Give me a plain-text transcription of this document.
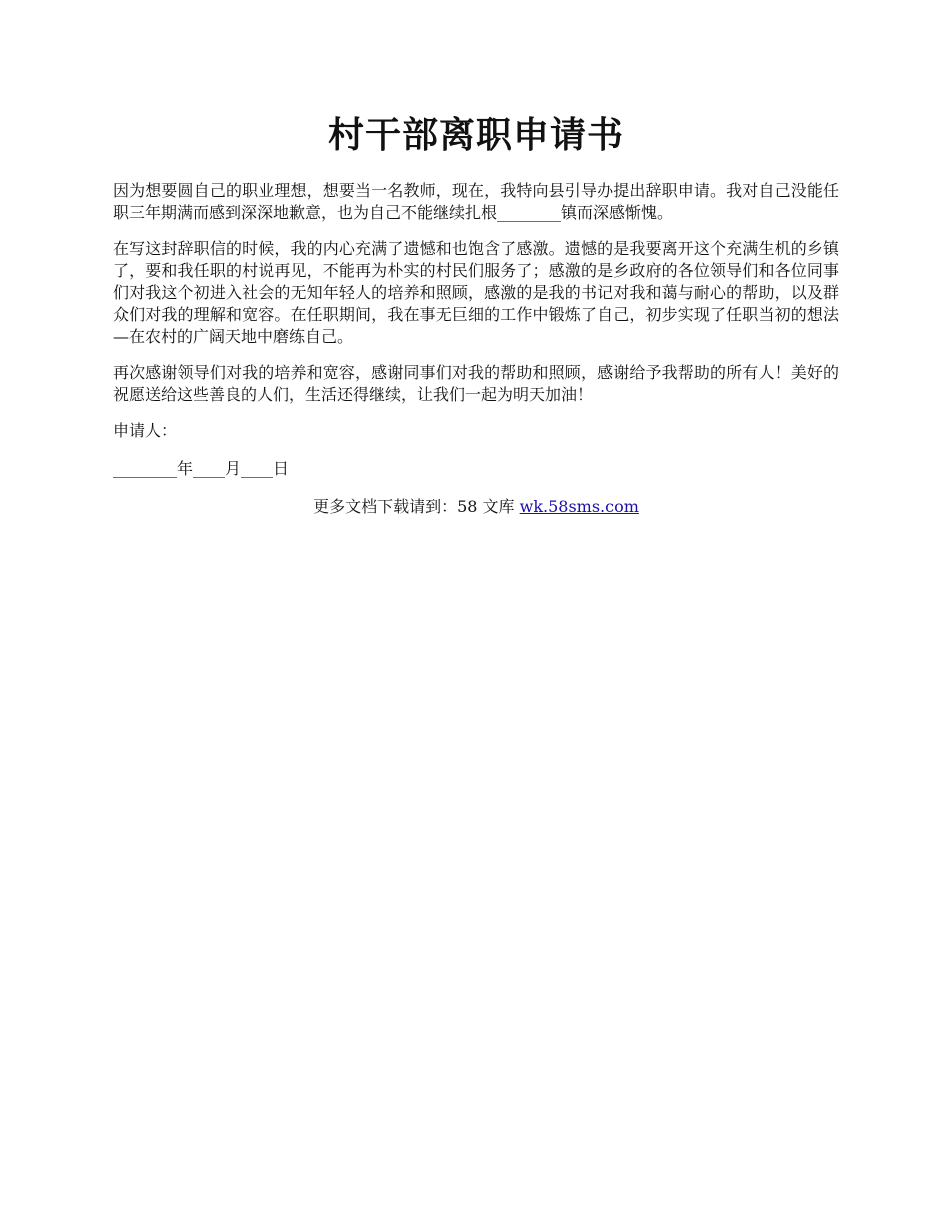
村干部离职申请书

因为想要圆自己的职业理想，想要当一名教师，现在，我特向县引导办提出辞职申请。我对自己没能任职三年期满而感到深深地歉意，也为自己不能继续扎根________镇而深感惭愧。

在写这封辞职信的时候，我的内心充满了遗憾和也饱含了感激。遗憾的是我要离开这个充满生机的乡镇了，要和我任职的村说再见，不能再为朴实的村民们服务了；感激的是乡政府的各位领导们和各位同事们对我这个初进入社会的无知年轻人的培养和照顾，感激的是我的书记对我和蔼与耐心的帮助，以及群众们对我的理解和宽容。在任职期间，我在事无巨细的工作中锻炼了自己，初步实现了任职当初的想法—在农村的广阔天地中磨练自己。

再次感谢领导们对我的培养和宽容，感谢同事们对我的帮助和照顾，感谢给予我帮助的所有人！美好的祝愿送给这些善良的人们，生活还得继续，让我们一起为明天加油！

申请人：

________年____月____日

更多文档下载请到：58 文库 wk.58sms.com
